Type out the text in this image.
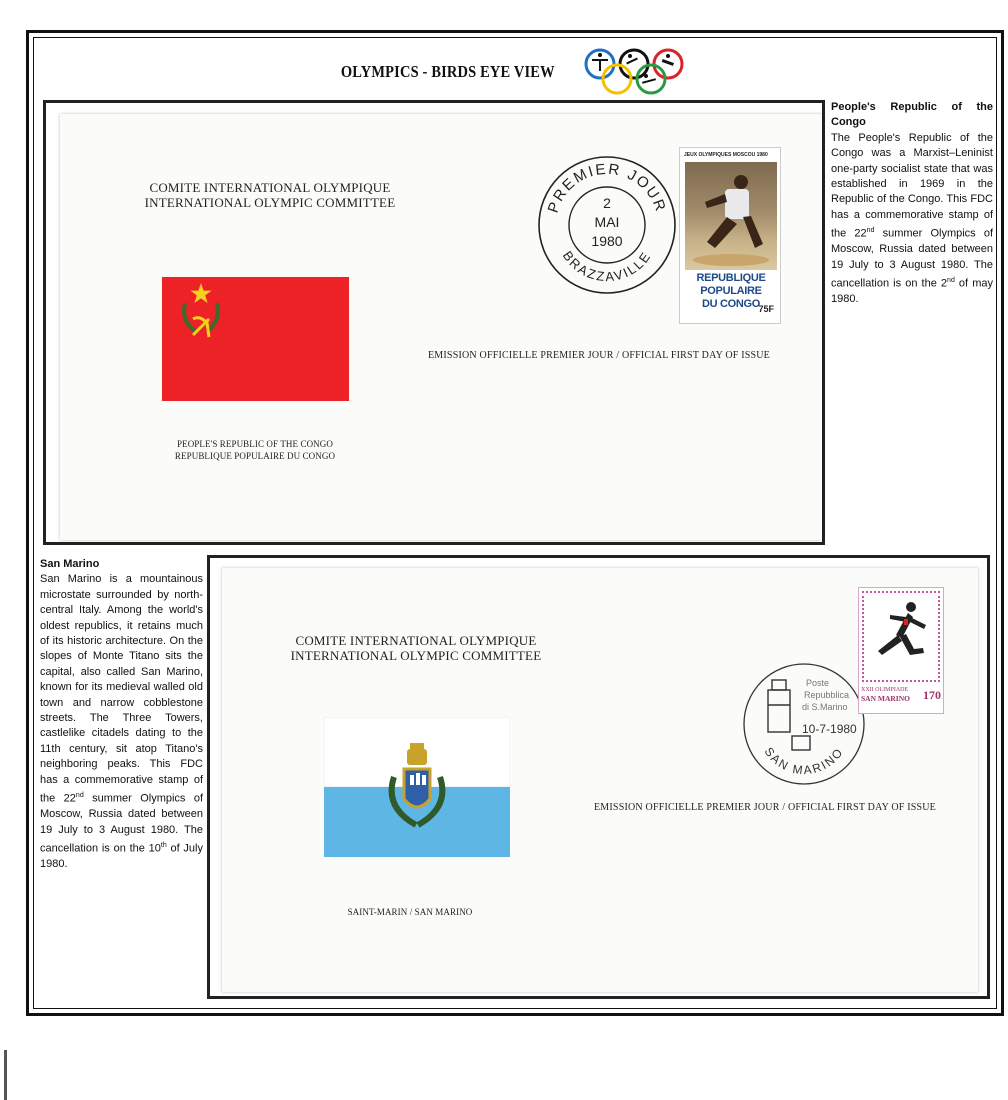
OLYMPICS - BIRDS EYE VIEW
COMITE INTERNATIONAL OLYMPIQUE
INTERNATIONAL OLYMPIC COMMITTEE
PEOPLE'S REPUBLIC OF THE CONGO
REPUBLIQUE POPULAIRE DU CONGO
EMISSION OFFICIELLE PREMIER JOUR / OFFICIAL FIRST DAY OF ISSUE
PREMIER JOUR
BRAZZAVILLE
2
MAI
1980
JEUX OLYMPIQUES MOSCOU 1980
REPUBLIQUE POPULAIRE
DU CONGO
75F

People's Republic of the Congo

The People's Republic of the Congo was a Marxist–Leninist one-party socialist state that was established in 1969 in the Republic of the Congo. This FDC has a commemorative stamp of the 22nd summer Olympics of Moscow, Russia dated between 19 July to 3 August 1980. The cancellation is on the 2nd of may 1980.

COMITE INTERNATIONAL OLYMPIQUE
INTERNATIONAL OLYMPIC COMMITTEE
SAINT-MARIN / SAN MARINO
EMISSION OFFICIELLE PREMIER JOUR / OFFICIAL FIRST DAY OF ISSUE
Poste
Repubblica
di S.Marino
10-7-1980
SAN MARINO
XXII OLIMPIADE
SAN MARINO 170

San Marino

San Marino is a mountainous microstate surrounded by north-central Italy. Among the world's oldest republics, it retains much of its historic architecture. On the slopes of Monte Titano sits the capital, also called San Marino, known for its medieval walled old town and narrow cobblestone streets. The Three Towers, castlelike citadels dating to the 11th century, sit atop Titano's neighboring peaks. This FDC has a commemorative stamp of the 22nd summer Olympics of Moscow, Russia dated between 19 July to 3 August 1980. The cancellation is on the 10th of July 1980.
